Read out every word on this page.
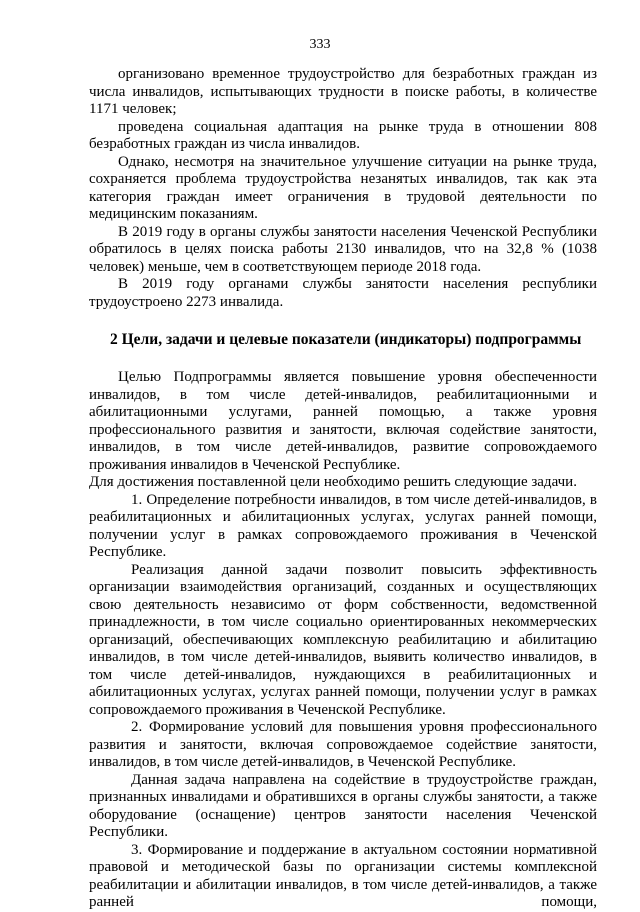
333

организовано временное трудоустройство для безработных граждан из числа инвалидов, испытывающих трудности в поиске работы, в количестве 1171 человек;

проведена социальная адаптация на рынке труда в отношении 808 безработных граждан из числа инвалидов.

Однако, несмотря на значительное улучшение ситуации на рынке труда, сохраняется проблема трудоустройства незанятых инвалидов, так как эта категория граждан имеет ограничения в трудовой деятельности по медицинским показаниям.

В 2019 году в органы службы занятости населения Чеченской Республики обратилось в целях поиска работы 2130 инвалидов, что на 32,8 % (1038 человек) меньше, чем в соответствующем периоде 2018 года.

В 2019 году органами службы занятости населения республики трудоустроено 2273 инвалида.

2 Цели, задачи и целевые показатели (индикаторы) подпрограммы

Целью Подпрограммы является повышение уровня обеспеченности инвалидов, в том числе детей-инвалидов, реабилитационными и абилитационными услугами, ранней помощью, а также уровня профессионального развития и занятости, включая содействие занятости, инвалидов, в том числе детей-инвалидов, развитие сопровождаемого проживания инвалидов в Чеченской Республике.

Для достижения поставленной цели необходимо решить следующие задачи.

1. Определение потребности инвалидов, в том числе детей-инвалидов, в реабилитационных и абилитационных услугах, услугах ранней помощи, получении услуг в рамках сопровождаемого проживания в Чеченской Республике.

Реализация данной задачи позволит повысить эффективность организации взаимодействия организаций, созданных и осуществляющих свою деятельность независимо от форм собственности, ведомственной принадлежности, в том числе социально ориентированных некоммерческих организаций, обеспечивающих комплексную реабилитацию и абилитацию инвалидов, в том числе детей-инвалидов, выявить количество инвалидов, в том числе детей-инвалидов, нуждающихся в реабилитационных и абилитационных услугах, услугах ранней помощи, получении услуг в рамках сопровождаемого проживания в Чеченской Республике.

2. Формирование условий для повышения уровня профессионального развития и занятости, включая сопровождаемое содействие занятости, инвалидов, в том числе детей-инвалидов, в Чеченской Республике.

Данная задача направлена на содействие в трудоустройстве граждан, признанных инвалидами и обратившихся в органы службы занятости, а также оборудование (оснащение) центров занятости населения Чеченской Республики.

3. Формирование и поддержание в актуальном состоянии нормативной правовой и методической базы по организации системы комплексной реабилитации и абилитации инвалидов, в том числе детей-инвалидов, а также ранней помощи,
